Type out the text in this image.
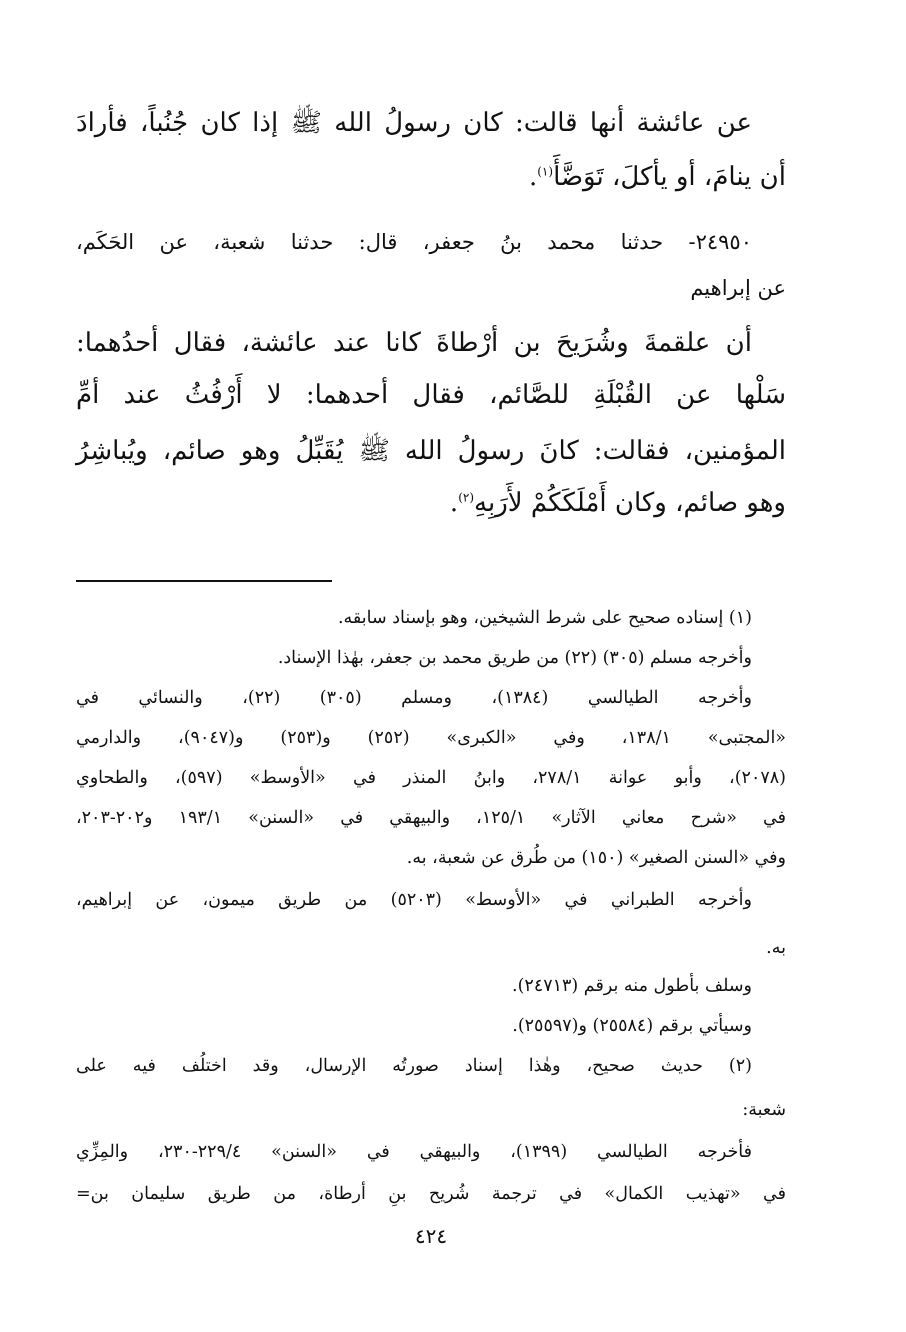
عن عائشة أنها قالت: كان رسولُ الله ﷺ إذا كان جُنُباً، فأرادَ
أن ينامَ، أو يأكلَ، تَوَضَّأَ$^{(١)}$.
٢٤٩٥٠- حدثنا محمد بنُ جعفر، قال: حدثنا شعبة، عن الحَكَم،
عن إبراهيم
أن علقمةَ وشُرَيحَ بن أرْطاةَ كانا عند عائشة، فقال أحدُهما:
سَلْها عن القُبْلَةِ للصَّائم، فقال أحدهما: لا أَرْفُثُ عند أمِّ
المؤمنين، فقالت: كانَ رسولُ الله ﷺ يُقَبِّلُ وهو صائم، ويُباشِرُ
وهو صائم، وكان أَمْلَكَكُمْ لأَرَبِهِ$^{(٢)}$.
(١) إسناده صحيح على شرط الشيخين، وهو بإسناد سابقه.
وأخرجه مسلم (٣٠٥) (٢٢) من طريق محمد بن جعفر، بهٰذا الإسناد.
وأخرجه الطيالسي (١٣٨٤)، ومسلم (٣٠٥) (٢٢)، والنسائي في
«المجتبى» ١٣٨/١، وفي «الكبرى» (٢٥٢) و(٢٥٣) و(٩٠٤٧)، والدارمي
(٢٠٧٨)، وأبو عوانة ٢٧٨/١، وابنُ المنذر في «الأوسط» (٥٩٧)، والطحاوي
في «شرح معاني الآثار» ١٢٥/١، والبيهقي في «السنن» ١٩٣/١ و٢٠٢-٢٠٣،
وفي «السنن الصغير» (١٥٠) من طُرق عن شعبة، به.
وأخرجه الطبراني في «الأوسط» (٥٢٠٣) من طريق ميمون، عن إبراهيم،
به.
وسلف بأطول منه برقم (٢٤٧١٣).
وسيأتي برقم (٢٥٥٨٤) و(٢٥٥٩٧).
(٢) حديث صحيح، وهٰذا إسناد صورتُه الإرسال، وقد اختلُف فيه على
شعبة:
فأخرجه الطيالسي (١٣٩٩)، والبيهقي في «السنن» ٢٢٩/٤-٢٣٠، والمِزِّي
في «تهذيب الكمال» في ترجمة شُريح بنِ أرطاة، من طريق سليمان بن=
٤٢٤
